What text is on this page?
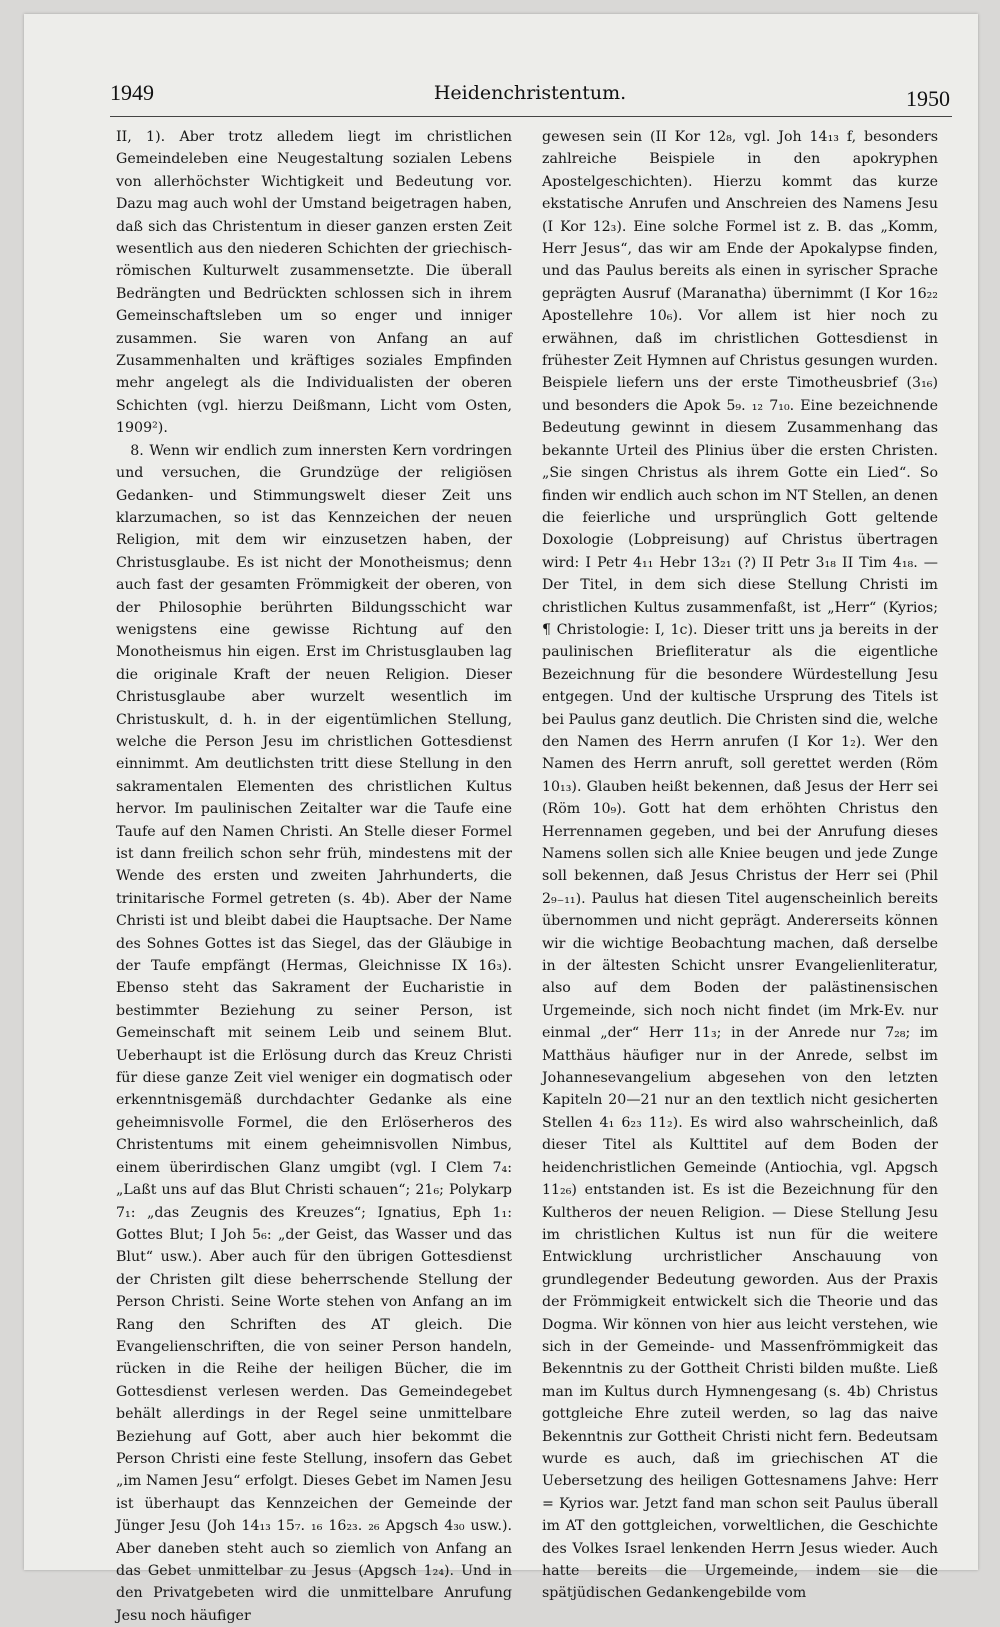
1949	Heidenchristentum.	1950

II, 1). Aber trotz alledem liegt im christlichen Gemeindeleben eine Neugestaltung sozialen Lebens von allerhöchster Wichtigkeit und Bedeutung vor. Dazu mag auch wohl der Umstand beigetragen haben, daß sich das Christentum in dieser ganzen ersten Zeit wesentlich aus den niederen Schichten der griechisch-römischen Kulturwelt zusammensetzte. Die überall Bedrängten und Bedrückten schlossen sich in ihrem Gemeinschaftsleben um so enger und inniger zusammen. Sie waren von Anfang an auf Zusammenhalten und kräftiges soziales Empfinden mehr angelegt als die Individualisten der oberen Schichten (vgl. hierzu Deißmann, Licht vom Osten, 1909²).

8. Wenn wir endlich zum innersten Kern vordringen und versuchen, die Grundzüge der religiösen Gedanken- und Stimmungswelt dieser Zeit uns klarzumachen, so ist das Kennzeichen der neuen Religion, mit dem wir einzusetzen haben, der Christusglaube. Es ist nicht der Monotheismus; denn auch fast der gesamten Frömmigkeit der oberen, von der Philosophie berührten Bildungsschicht war wenigstens eine gewisse Richtung auf den Monotheismus hin eigen. Erst im Christusglauben lag die originale Kraft der neuen Religion. Dieser Christusglaube aber wurzelt wesentlich im Christuskult, d. h. in der eigentümlichen Stellung, welche die Person Jesu im christlichen Gottesdienst einnimmt. Am deutlichsten tritt diese Stellung in den sakramentalen Elementen des christlichen Kultus hervor. Im paulinischen Zeitalter war die Taufe eine Taufe auf den Namen Christi. An Stelle dieser Formel ist dann freilich schon sehr früh, mindestens mit der Wende des ersten und zweiten Jahrhunderts, die trinitarische Formel getreten (s. 4b). Aber der Name Christi ist und bleibt dabei die Hauptsache. Der Name des Sohnes Gottes ist das Siegel, das der Gläubige in der Taufe empfängt (Hermas, Gleichnisse IX 16₃). Ebenso steht das Sakrament der Eucharistie in bestimmter Beziehung zu seiner Person, ist Gemeinschaft mit seinem Leib und seinem Blut. Ueberhaupt ist die Erlösung durch das Kreuz Christi für diese ganze Zeit viel weniger ein dogmatisch oder erkenntnisgemäß durchdachter Gedanke als eine geheimnisvolle Formel, die den Erlöserheros des Christentums mit einem geheimnisvollen Nimbus, einem überirdischen Glanz umgibt (vgl. I Clem 7₄: „Laßt uns auf das Blut Christi schauen“; 21₆; Polykarp 7₁: „das Zeugnis des Kreuzes“; Ignatius, Eph 1₁: Gottes Blut; I Joh 5₆: „der Geist, das Wasser und das Blut“ usw.). Aber auch für den übrigen Gottesdienst der Christen gilt diese beherrschende Stellung der Person Christi. Seine Worte stehen von Anfang an im Rang den Schriften des AT gleich. Die Evangelienschriften, die von seiner Person handeln, rücken in die Reihe der heiligen Bücher, die im Gottesdienst verlesen werden. Das Gemeindegebet behält allerdings in der Regel seine unmittelbare Beziehung auf Gott, aber auch hier bekommt die Person Christi eine feste Stellung, insofern das Gebet „im Namen Jesu“ erfolgt. Dieses Gebet im Namen Jesu ist überhaupt das Kennzeichen der Gemeinde der Jünger Jesu (Joh 14₁₃ 15₇. ₁₆ 16₂₃. ₂₆ Apgsch 4₃₀ usw.). Aber daneben steht auch so ziemlich von Anfang an das Gebet unmittelbar zu Jesus (Apgsch 1₂₄). Und in den Privatgebeten wird die unmittelbare Anrufung Jesu noch häufiger

gewesen sein (II Kor 12₈, vgl. Joh 14₁₃ f, besonders zahlreiche Beispiele in den apokryphen Apostelgeschichten). Hierzu kommt das kurze ekstatische Anrufen und Anschreien des Namens Jesu (I Kor 12₃). Eine solche Formel ist z. B. das „Komm, Herr Jesus“, das wir am Ende der Apokalypse finden, und das Paulus bereits als einen in syrischer Sprache geprägten Ausruf (Maranatha) übernimmt (I Kor 16₂₂ Apostellehre 10₆). Vor allem ist hier noch zu erwähnen, daß im christlichen Gottesdienst in frühester Zeit Hymnen auf Christus gesungen wurden. Beispiele liefern uns der erste Timotheusbrief (3₁₆) und besonders die Apok 5₉. ₁₂ 7₁₀. Eine bezeichnende Bedeutung gewinnt in diesem Zusammenhang das bekannte Urteil des Plinius über die ersten Christen. „Sie singen Christus als ihrem Gotte ein Lied“. So finden wir endlich auch schon im NT Stellen, an denen die feierliche und ursprünglich Gott geltende Doxologie (Lobpreisung) auf Christus übertragen wird: I Petr 4₁₁ Hebr 13₂₁ (?) II Petr 3₁₈ II Tim 4₁₈. — Der Titel, in dem sich diese Stellung Christi im christlichen Kultus zusammenfaßt, ist „Herr“ (Kyrios; ¶ Christologie: I, 1c). Dieser tritt uns ja bereits in der paulinischen Briefliteratur als die eigentliche Bezeichnung für die besondere Würdestellung Jesu entgegen. Und der kultische Ursprung des Titels ist bei Paulus ganz deutlich. Die Christen sind die, welche den Namen des Herrn anrufen (I Kor 1₂). Wer den Namen des Herrn anruft, soll gerettet werden (Röm 10₁₃). Glauben heißt bekennen, daß Jesus der Herr sei (Röm 10₉). Gott hat dem erhöhten Christus den Herrennamen gegeben, und bei der Anrufung dieses Namens sollen sich alle Kniee beugen und jede Zunge soll bekennen, daß Jesus Christus der Herr sei (Phil 2₉₋₁₁). Paulus hat diesen Titel augenscheinlich bereits übernommen und nicht geprägt. Andererseits können wir die wichtige Beobachtung machen, daß derselbe in der ältesten Schicht unsrer Evangelienliteratur, also auf dem Boden der palästinensischen Urgemeinde, sich noch nicht findet (im Mrk-Ev. nur einmal „der“ Herr 11₃; in der Anrede nur 7₂₈; im Matthäus häufiger nur in der Anrede, selbst im Johannesevangelium abgesehen von den letzten Kapiteln 20—21 nur an den textlich nicht gesicherten Stellen 4₁ 6₂₃ 11₂). Es wird also wahrscheinlich, daß dieser Titel als Kulttitel auf dem Boden der heidenchristlichen Gemeinde (Antiochia, vgl. Apgsch 11₂₆) entstanden ist. Es ist die Bezeichnung für den Kultheros der neuen Religion. — Diese Stellung Jesu im christlichen Kultus ist nun für die weitere Entwicklung urchristlicher Anschauung von grundlegender Bedeutung geworden. Aus der Praxis der Frömmigkeit entwickelt sich die Theorie und das Dogma. Wir können von hier aus leicht verstehen, wie sich in der Gemeinde- und Massenfrömmigkeit das Bekenntnis zu der Gottheit Christi bilden mußte. Ließ man im Kultus durch Hymnengesang (s. 4b) Christus gottgleiche Ehre zuteil werden, so lag das naive Bekenntnis zur Gottheit Christi nicht fern. Bedeutsam wurde es auch, daß im griechischen AT die Uebersetzung des heiligen Gottesnamens Jahve: Herr = Kyrios war. Jetzt fand man schon seit Paulus überall im AT den gottgleichen, vorweltlichen, die Geschichte des Volkes Israel lenkenden Herrn Jesus wieder. Auch hatte bereits die Urgemeinde, indem sie die spätjüdischen Gedankengebilde vom
